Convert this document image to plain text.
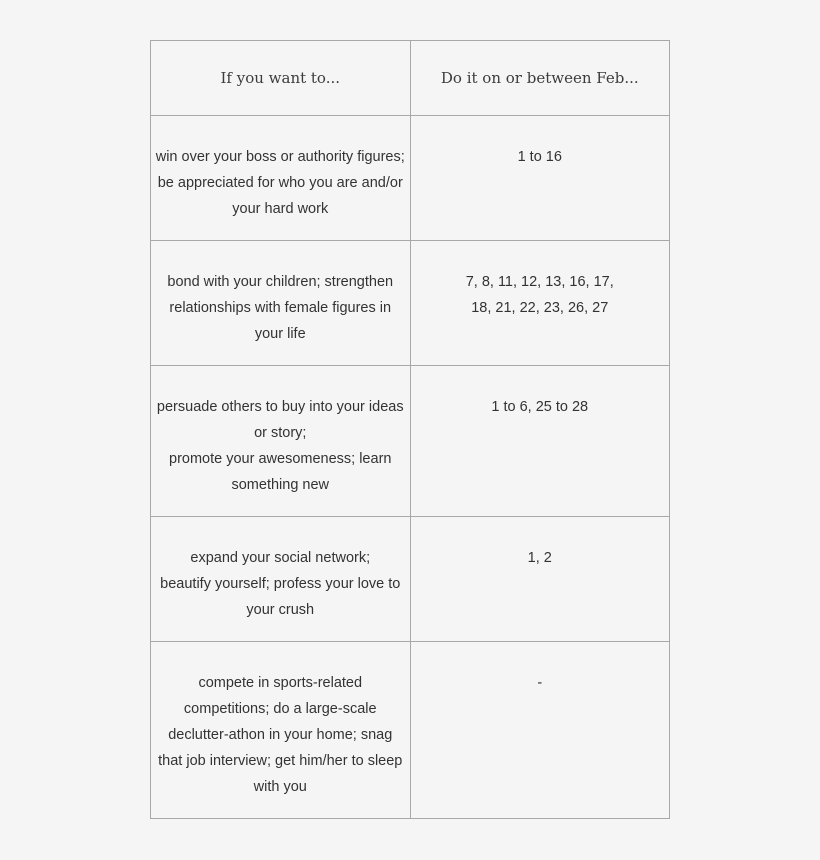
If you want to...	Do it on or between Feb...

win over your boss or authority figures;
be appreciated for who you are and/or
your hard work	1 to 16

bond with your children; strengthen
relationships with female figures in
your life	7, 8, 11, 12, 13, 16, 17,
18, 21, 22, 23, 26, 27

persuade others to buy into your ideas
or story;
promote your awesomeness; learn
something new	1 to 6, 25 to 28

expand your social network;
beautify yourself; profess your love to
your crush	1, 2

compete in sports-related
competitions; do a large-scale
declutter-athon in your home; snag
that job interview; get him/her to sleep
with you	-
